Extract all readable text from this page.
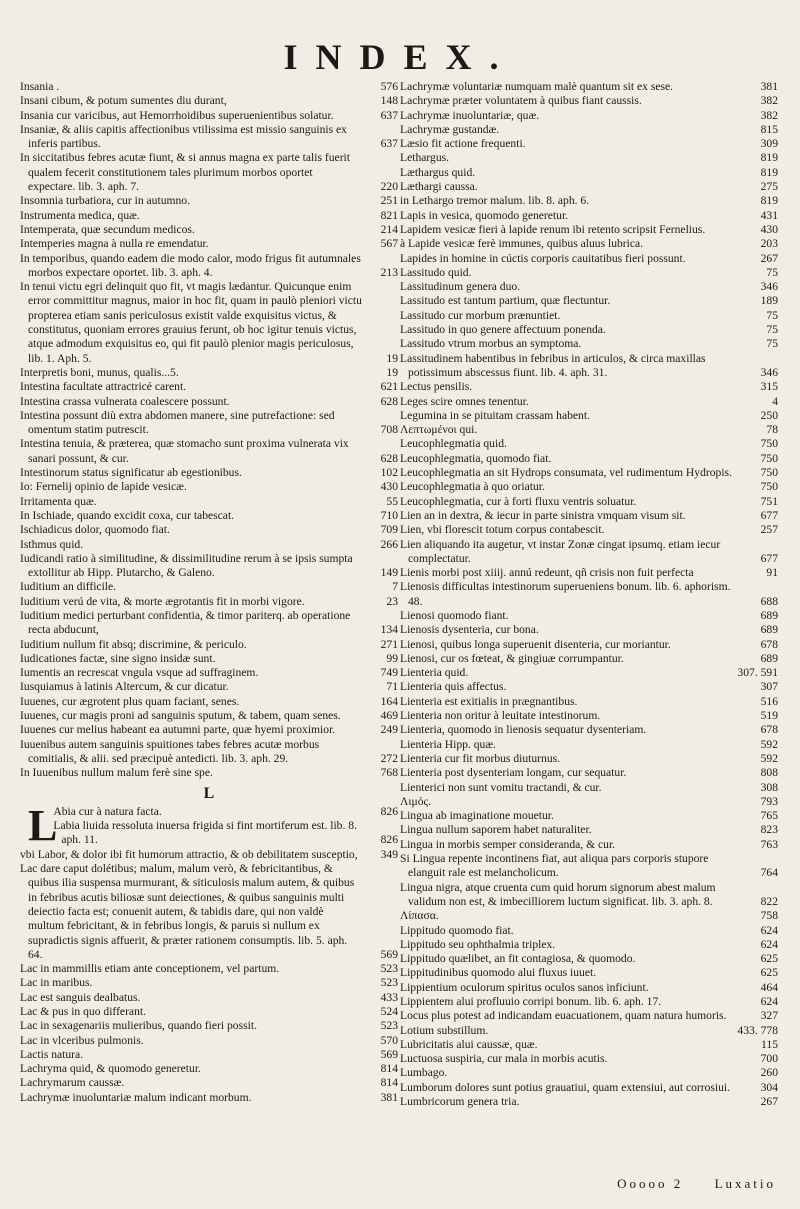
INDEX.
Insania .	576
Insani cibum, & potum sumentes diu durant,	148
Insania cur varicibus, aut Hemorrhoidibus superuenientibus solatur.	637
Insaniæ, & aliis capitis affectionibus vtilissima est missio sanguinis ex inferis partibus.	637
In siccitatibus febres acutæ fiunt, & si annus magna ex parte talis fuerit qualem fecerit constitutionem tales plurimum morbos oportet expectare. lib. 3. aph. 7.	220
Insomnia turbatiora, cur in autumno.	251
Instrumenta medica, quæ.	821
Intemperata, quæ secundum medicos.	214
Intemperies magna à nulla re emendatur.	567
In temporibus, quando eadem die modo calor, modo frigus fit autumnales morbos expectare oportet. lib. 3. aph. 4.	213
In tenui victu egri delinquit quo fit, vt magis lædantur. Quicunque enim error committitur magnus, maior in hoc fit, quam in paulò pleniori victu propterea etiam sanis periculosus existit valde exquisitus victus, & constitutus, quoniam errores grauius ferunt, ob hoc igitur tenuis victus, atque admodum exquisitus eo, qui fit paulò plenior magis periculosus, lib. 1. Aph. 5.	19
Interpretis boni, munus, qualis...5.	19
Intestina facultate attractricé carent.	621
Intestina crassa vulnerata coalescere possunt.	628
Intestina possunt diù extra abdomen manere, sine putrefactione: sed omentum statim putrescit.	708
Intestina tenuia, & præterea, quæ stomacho sunt proxima vulnerata vix sanari possunt, & cur.	628
Intestinorum status significatur ab egestionibus.	102
Io: Fernelij opinio de lapide vesicæ.	430
Irritamenta quæ.	55
In Ischiade, quando excidit coxa, cur tabescat.	710
Ischiadicus dolor, quomodo fiat.	709
Isthmus quid.	266
Iudicandi ratio à similitudine, & dissimilitudine rerum à se ipsis sumpta extollitur ab Hipp. Plutarcho, & Galeno.	149
Iuditium an difficile.	7
Iuditium verú de vita, & morte ægrotantis fit in morbi vigore.	23
Iuditium medici perturbant confidentia, & timor pariterq. ab operatione recta abducunt,	134
Iuditium nullum fit absq; discrimine, & periculo.	271
Iudicationes factæ, sine signo insidæ sunt.	99
Iumentis an recrescat vngula vsque ad suffraginem.	749
Iusquiamus à latinis Altercum, & cur dicatur.	71
Iuuenes, cur ægrotent plus quam faciant, senes.	164
Iuuenes, cur magis proni ad sanguinis sputum, & tabem, quam senes.	469
Iuuenes cur melius habeant ea autumni parte, quæ hyemi proximior.	249
Iuuenibus autem sanguinis spuitiones tabes febres acutæ morbus comitialis, & alii. sed præcipuè antedicti. lib. 3. aph. 29.	272
In Iuuenibus nullum malum ferè sine spe.	768
L
L
Abia cur à natura facta.	826
Labia liuida ressoluta inuersa frigida si fint mortiferum est. lib. 8. aph. 11.	826
vbi Labor, & dolor ibi fit humorum attractio, & ob debilitatem susceptio, 349
Lac dare caput dolétibus; malum, malum verò, & febricitantibus, & quibus ilia suspensa murmurant, & siticulosis malum autem, & quibus in febribus acutis biliosæ sunt deiectiones, & quibus sanguinis multi deiectio facta est; conuenit autem, & tabidis dare, qui non valdè multum febricitant, & in febribus longis, & paruis si nullum ex supradictis signis affuerit, & præter rationem consumptis. lib. 5. aph. 64.	569
Lac in mammillis etiam ante conceptionem, vel partum.	523
Lac in maribus.	523
Lac est sanguis dealbatus.	433
Lac & pus in quo differant.	524
Lac in sexagenariis mulieribus, quando fieri possit.	523
Lac in vlceribus pulmonis.	570
Lactis natura.	569
Lachryma quid, & quomodo generetur.	814
Lachrymarum caussæ.	814
Lachrymæ inuoluntariæ malum indicant morbum.	381
Lachrymæ voluntariæ numquam malè quantum sit ex sese.	381
Lachrymæ præter voluntatem à quibus fiant caussis.	382
Lachrymæ inuoluntariæ, quæ.	382
Lachrymæ gustandæ.	815
Læsio fit actione frequenti.	309
Lethargus.	819
Læthargus quid.	819
Læthargi caussa.	275
in Lethargo tremor malum. lib. 8. aph. 6.	819
Lapis in vesica, quomodo generetur.	431
Lapidem vesicæ fieri à lapide renum ibi retento scripsit Fernelius.	430
à Lapide vesicæ ferè immunes, quibus aluus lubrica.	203
Lapides in homine in cúctis corporis cauitatibus fieri possunt.	267
Lassitudo quid.	75
Lassitudinum genera duo.	346
Lassitudo est tantum partium, quæ flectuntur.	189
Lassitudo cur morbum prænuntiet.	75
Lassitudo in quo genere affectuum ponenda.	75
Lassitudo vtrum morbus an symptoma.	75
Lassitudinem habentibus in febribus in articulos, & circa maxillas potissimum abscessus fiunt. lib. 4. aph. 31.	346
Lectus pensilis.	315
Leges scire omnes tenentur.	4
Legumina in se pituitam crassam habent.	250
Λεπτωμένοι qui.	78
Leucophlegmatia quid.	750
Leucophlegmatia, quomodo fiat.	750
Leucophlegmatia an sit Hydrops consumata, vel rudimentum Hydropis. 750
Leucophlegmatia à quo oriatur.	750
Leucophlegmatia, cur à forti fluxu ventris soluatur.	751
Lien an in dextra, & iecur in parte sinistra vmquam visum sit.	677
Lien, vbi florescit totum corpus contabescit.	257
Lien aliquando ita augetur, vt instar Zonæ cingat ipsumq. etiam iecur complectatur.	677
Lienis morbi post xiiij. annú redeunt, qñ crisis non fuit perfecta	91
Lienosis difficultas intestinorum superueniens bonum. lib. 6. aphorism. 48.	688
Lienosi quomodo fiant.	689
Lienosis dysenteria, cur bona.	689
Lienosi, quibus longa superuenit disenteria, cur moriantur.	678
Lienosi, cur os fœteat, & gingiuæ corrumpantur.	689
Lienteria quid.	307. 591
Lienteria quis affectus.	307
Lienteria est exitialis in prægnantibus.	516
Lienteria non oritur à leuitate intestinorum.	519
Lienteria, quomodo in lienosis sequatur dysenteriam.	678
Lienteria Hipp. quæ.	592
Lienteria cur fit morbus diuturnus.	592
Lienteria post dysenteriam longam, cur sequatur.	808
Lienterici non sunt vomitu tractandi, & cur.	308
Λιμός.	793
Lingua ab imaginatione mouetur.	765
Lingua nullum saporem habet naturaliter.	823
Lingua in morbis semper consideranda, & cur.	763
Si Lingua repente incontinens fiat, aut aliqua pars corporis stupore elanguit rale est melancholicum.	764
Lingua nigra, atque cruenta cum quid horum signorum abest malum validum non est, & imbecilliorem luctum significat. lib. 3. aph. 8.	822
Λίπασα.	758
Lippitudo quomodo fiat.	624
Lippitudo seu ophthalmia triplex.	624
Lippitudo quælibet, an fit contagiosa, & quomodo.	625
Lippitudinibus quomodo alui fluxus iuuet.	625
Lippientium oculorum spiritus oculos sanos inficiunt.	464
Lippientem alui profluuio corripi bonum. lib. 6. aph. 17.	624
Locus plus potest ad indicandam euacuationem, quam natura humoris.	327
Lotium substillum.	433. 778
Lubricitatis alui caussæ, quæ.	115
Luctuosa suspiria, cur mala in morbis acutis.	700
Lumbago.	260
Lumborum dolores sunt potius grauatiui, quam extensiui, aut corrosiui.	304
Lumbricorum genera tria.	267
Ooooo 2 Luxatio
